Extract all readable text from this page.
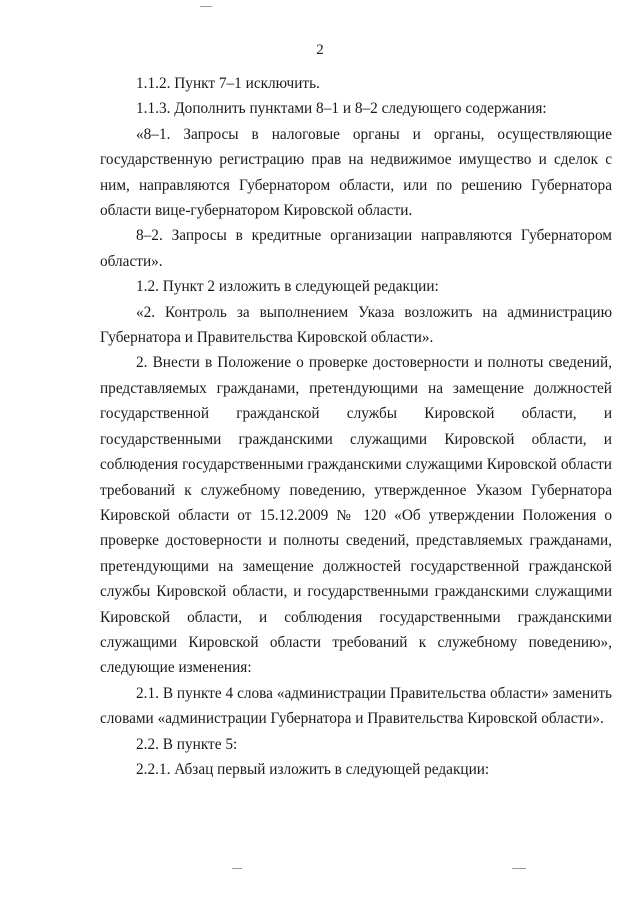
2

1.1.2. Пункт 7–1 исключить.

1.1.3. Дополнить пунктами 8–1 и 8–2 следующего содержания:

«8–1. Запросы в налоговые органы и органы, осуществляющие государственную регистрацию прав на недвижимое имущество и сделок с ним, направляются Губернатором области, или по решению Губернатора области вице-губернатором Кировской области.

8–2. Запросы в кредитные организации направляются Губернатором области».

1.2. Пункт 2 изложить в следующей редакции:

«2. Контроль за выполнением Указа возложить на администрацию Губернатора и Правительства Кировской области».

2. Внести в Положение о проверке достоверности и полноты сведений, представляемых гражданами, претендующими на замещение должностей государственной гражданской службы Кировской области, и государственными гражданскими служащими Кировской области, и соблюдения государственными гражданскими служащими Кировской области требований к служебному поведению, утвержденное Указом Губернатора Кировской области от 15.12.2009 № 120 «Об утверждении Положения о проверке достоверности и полноты сведений, представляемых гражданами, претендующими на замещение должностей государственной гражданской службы Кировской области, и государственными гражданскими служащими Кировской области, и соблюдения государственными гражданскими служащими Кировской области требований к служебному поведению», следующие изменения:

2.1. В пункте 4 слова «администрации Правительства области» заменить словами «администрации Губернатора и Правительства Кировской области».

2.2. В пункте 5:

2.2.1. Абзац первый изложить в следующей редакции:
